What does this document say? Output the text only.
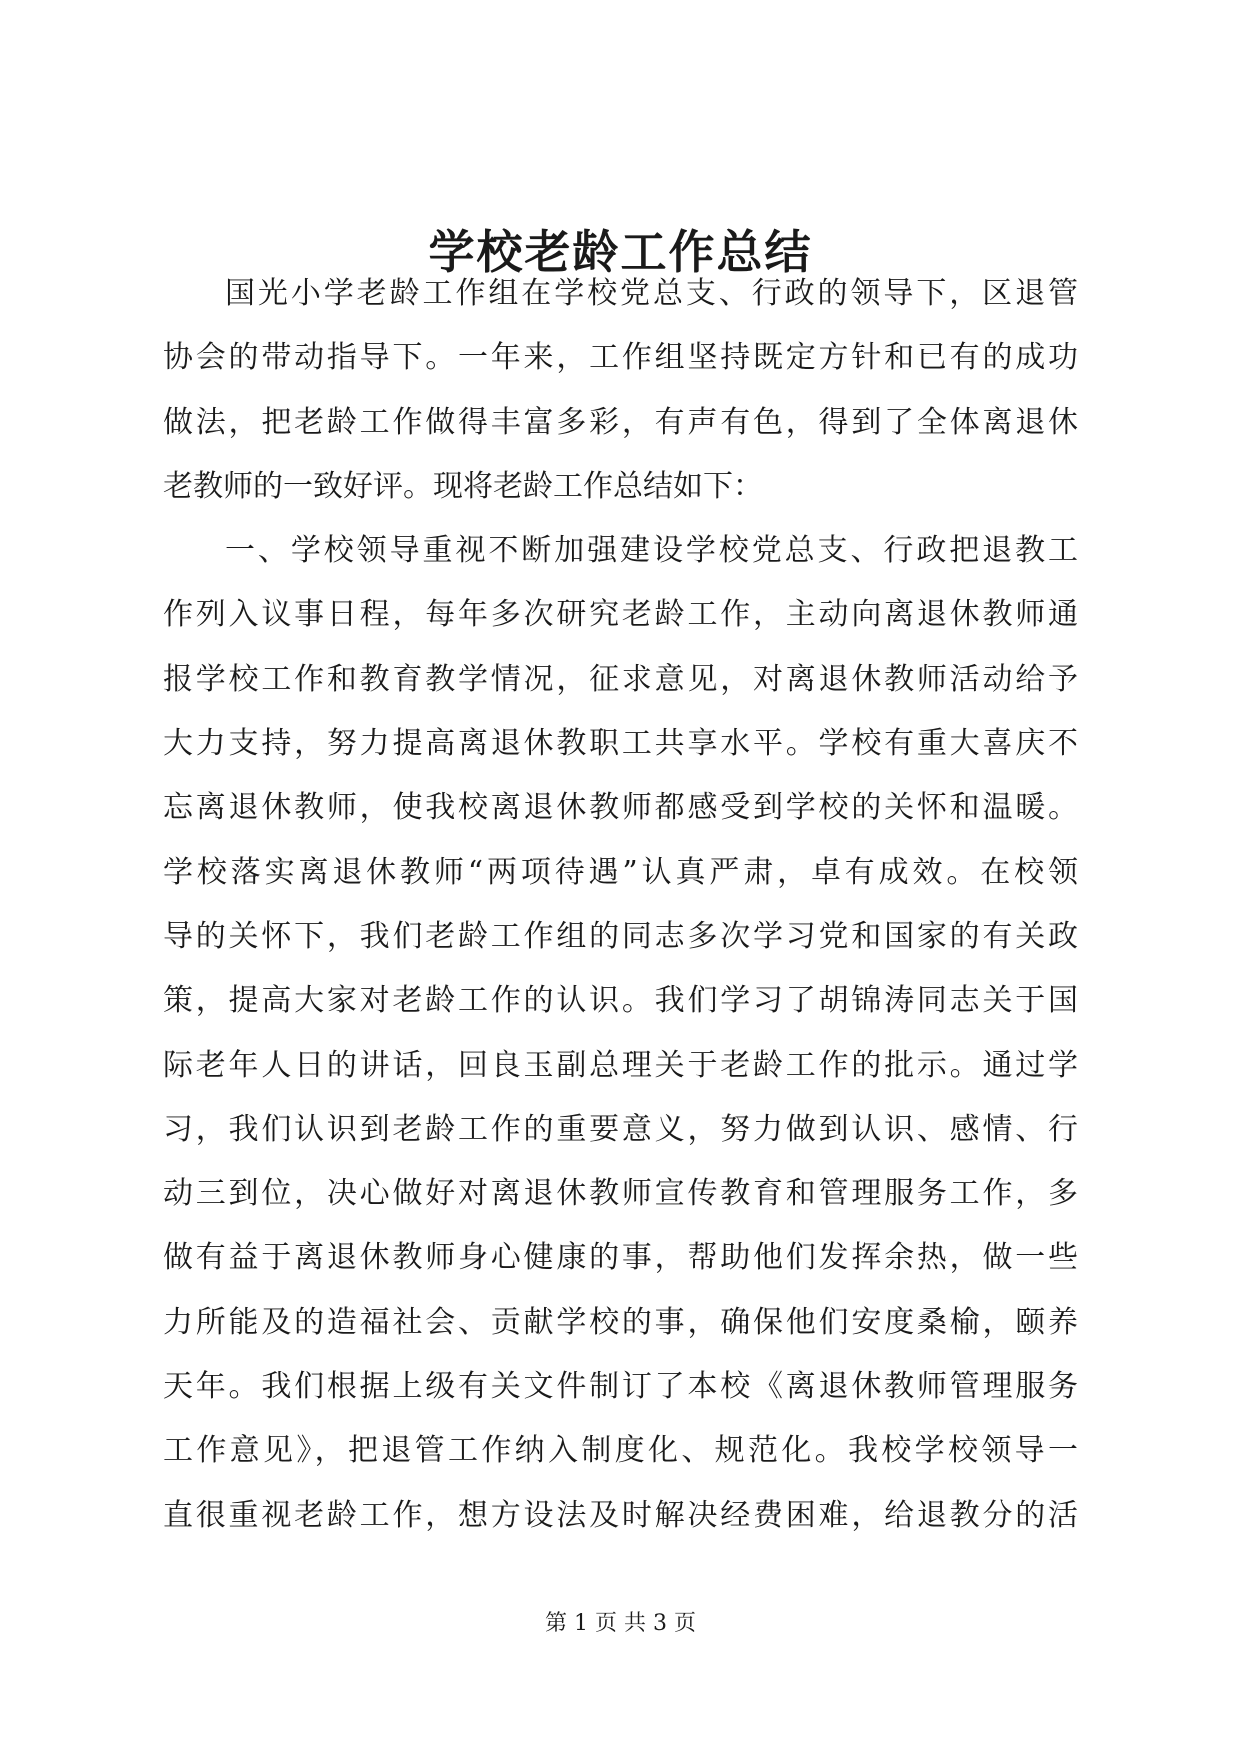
学校老龄工作总结
国光小学老龄工作组在学校党总支、行政的领导下，区退管
协会的带动指导下。一年来，工作组坚持既定方针和已有的成功
做法，把老龄工作做得丰富多彩，有声有色，得到了全体离退休
老教师的一致好评。现将老龄工作总结如下：
一、学校领导重视不断加强建设学校党总支、行政把退教工
作列入议事日程，每年多次研究老龄工作，主动向离退休教师通
报学校工作和教育教学情况，征求意见，对离退休教师活动给予
大力支持，努力提高离退休教职工共享水平。学校有重大喜庆不
忘离退休教师，使我校离退休教师都感受到学校的关怀和温暖。
学校落实离退休教师“两项待遇”认真严肃，卓有成效。在校领
导的关怀下，我们老龄工作组的同志多次学习党和国家的有关政
策，提高大家对老龄工作的认识。我们学习了胡锦涛同志关于国
际老年人日的讲话，回良玉副总理关于老龄工作的批示。通过学
习，我们认识到老龄工作的重要意义，努力做到认识、感情、行
动三到位，决心做好对离退休教师宣传教育和管理服务工作，多
做有益于离退休教师身心健康的事，帮助他们发挥余热，做一些
力所能及的造福社会、贡献学校的事，确保他们安度桑榆，颐养
天年。我们根据上级有关文件制订了本校《离退休教师管理服务
工作意见》，把退管工作纳入制度化、规范化。我校学校领导一
直很重视老龄工作，想方设法及时解决经费困难，给退教分的活
第 1 页 共 3 页
